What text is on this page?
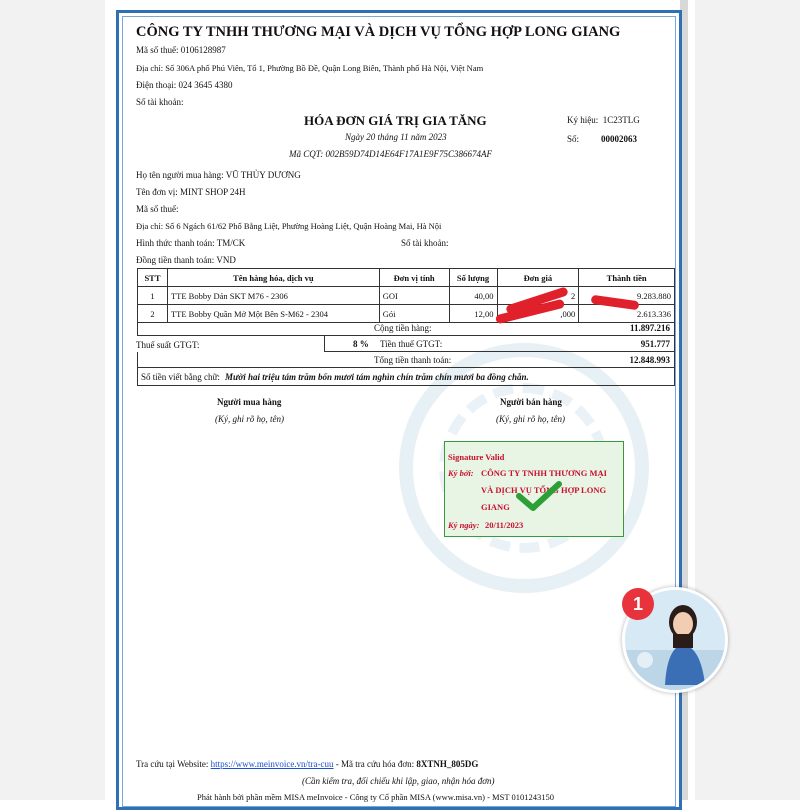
CÔNG TY TNHH THƯƠNG MẠI VÀ DỊCH VỤ TỔNG HỢP LONG GIANG
Mã số thuế: 0106128987
Địa chỉ: Số 306A phố Phú Viên, Tổ 1, Phường Bồ Đề, Quận Long Biên, Thành phố Hà Nội, Việt Nam
Điện thoại: 024 3645 4380
Số tài khoản:
HÓA ĐƠN GIÁ TRỊ GIA TĂNG
Ngày 20 tháng 11 năm 2023
Mã CQT: 002B59D74D14E64F17A1E9F75C386674AF
Ký hiệu: 1C23TLG
Số: 00002063
Họ tên người mua hàng: VŨ THỦY DƯƠNG
Tên đơn vị: MINT SHOP 24H
Mã số thuế:
Địa chỉ: Số 6 Ngách 61/62 Phố Bằng Liệt, Phường Hoàng Liệt, Quận Hoàng Mai, Hà Nội
Hình thức thanh toán: TM/CK	Số tài khoản:
Đồng tiền thanh toán: VND
STT	Tên hàng hóa, dịch vụ	Đơn vị tính	Số lượng	Đơn giá	Thành tiền
1	TTE Bobby Dán SKT M76 - 2306	GOI	40,00	2	9.283.880
2	TTE Bobby Quần Mở Một Bên S-M62 - 2304	Gói	12,00	,000	2.613.336
Cộng tiền hàng:	11.897.216
Thuế suất GTGT:	8 % Tiền thuế GTGT:	951.777
Tổng tiền thanh toán:	12.848.993
Số tiền viết bằng chữ: Mười hai triệu tám trăm bốn mươi tám nghìn chín trăm chín mươi ba đồng chẵn.
Người mua hàng
(Ký, ghi rõ họ, tên)
Người bán hàng
(Ký, ghi rõ họ, tên)
Signature Valid
Ký bởi: CÔNG TY TNHH THƯƠNG MẠI
VÀ DỊCH VỤ TỔNG HỢP LONG
GIANG
Ký ngày: 20/11/2023
Tra cứu tại Website: https://www.meinvoice.vn/tra-cuu - Mã tra cứu hóa đơn: 8XTNH_805DG
(Cần kiểm tra, đối chiếu khi lập, giao, nhận hóa đơn)
Phát hành bởi phần mềm MISA meInvoice - Công ty Cổ phần MISA (www.misa.vn) - MST 0101243150
1
